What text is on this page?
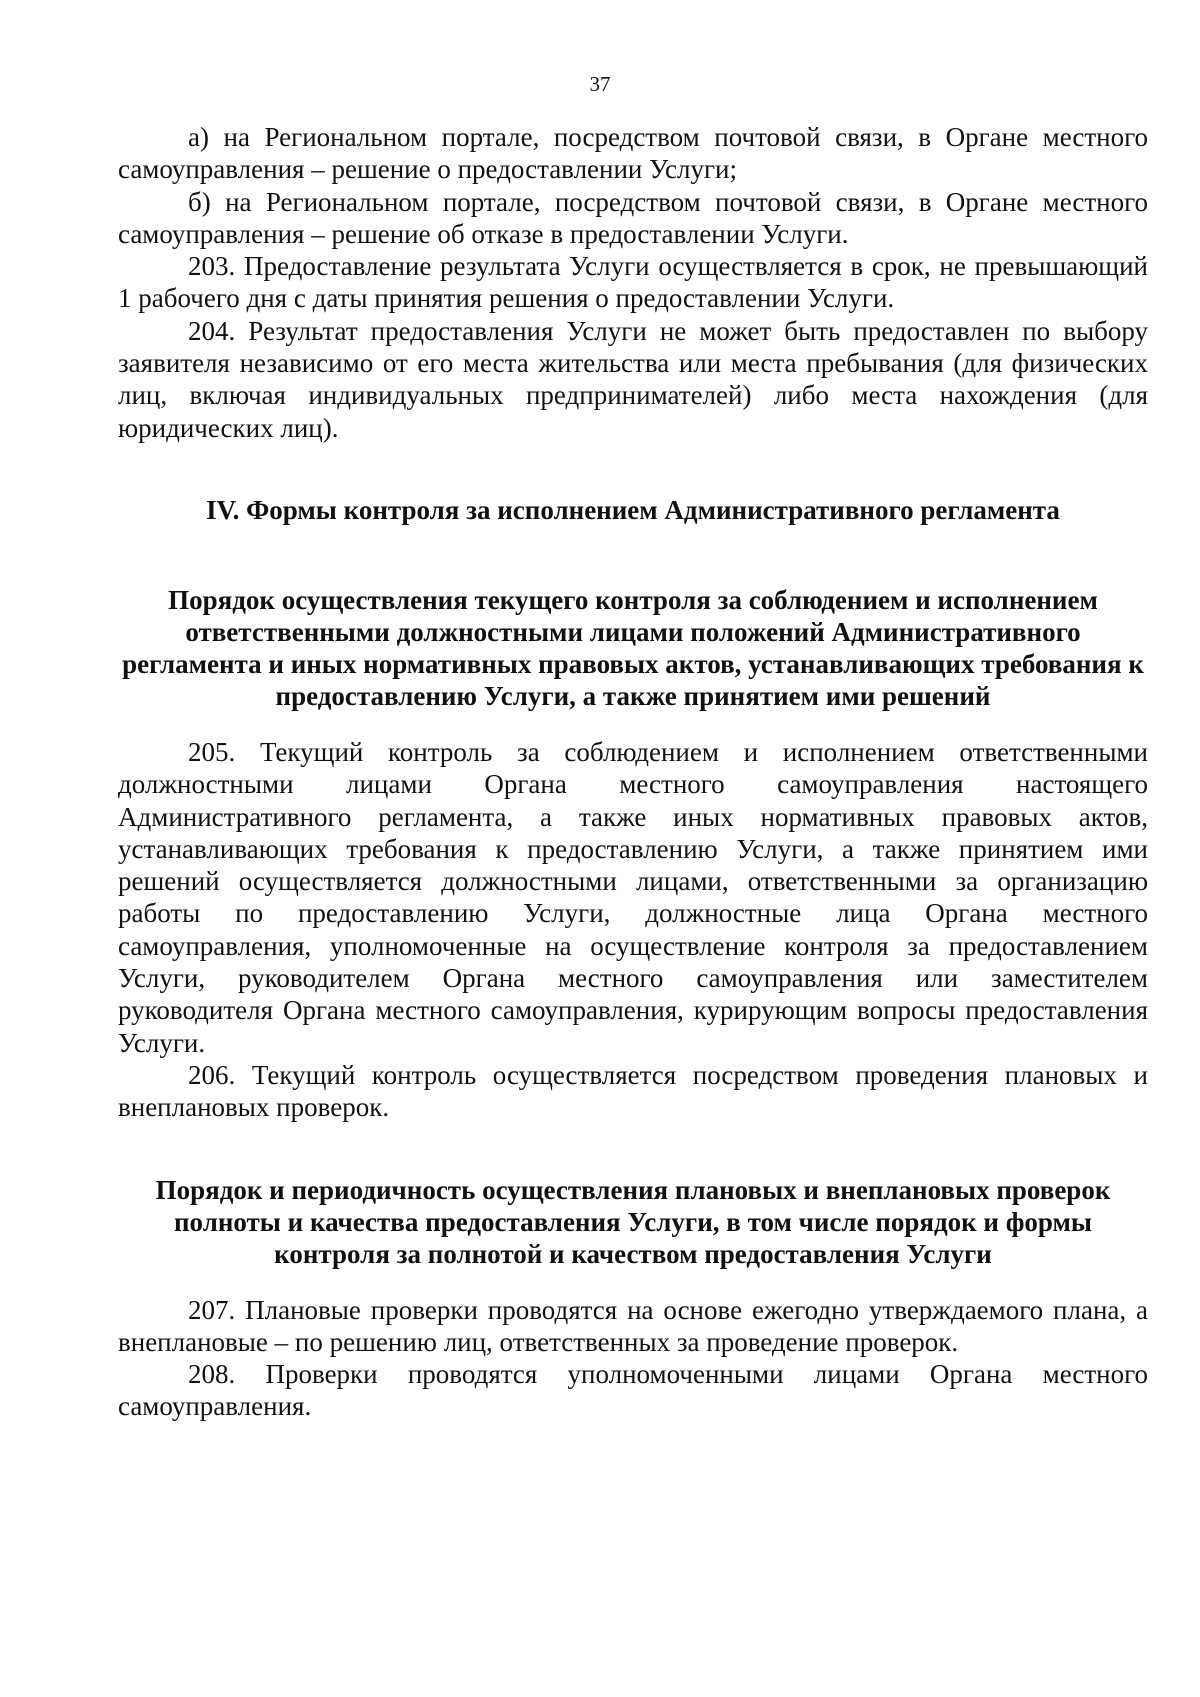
37

а) на Региональном портале, посредством почтовой связи, в Органе местного самоуправления – решение о предоставлении Услуги;

б) на Региональном портале, посредством почтовой связи, в Органе местного самоуправления – решение об отказе в предоставлении Услуги.

203. Предоставление результата Услуги осуществляется в срок, не превышающий 1 рабочего дня с даты принятия решения о предоставлении Услуги.

204. Результат предоставления Услуги не может быть предоставлен по выбору заявителя независимо от его места жительства или места пребывания (для физических лиц, включая индивидуальных предпринимателей) либо места нахождения (для юридических лиц).

IV. Формы контроля за исполнением Административного регламента
Порядок осуществления текущего контроля за соблюдением и исполнением ответственными должностными лицами положений Административного регламента и иных нормативных правовых актов, устанавливающих требования к предоставлению Услуги, а также принятием ими решений

205. Текущий контроль за соблюдением и исполнением ответственными должностными лицами Органа местного самоуправления настоящего Административного регламента, а также иных нормативных правовых актов, устанавливающих требования к предоставлению Услуги, а также принятием ими решений осуществляется должностными лицами, ответственными за организацию работы по предоставлению Услуги, должностные лица Органа местного самоуправления, уполномоченные на осуществление контроля за предоставлением Услуги, руководителем Органа местного самоуправления или заместителем руководителя Органа местного самоуправления, курирующим вопросы предоставления Услуги.

206. Текущий контроль осуществляется посредством проведения плановых и внеплановых проверок.

Порядок и периодичность осуществления плановых и внеплановых проверок полноты и качества предоставления Услуги, в том числе порядок и формы контроля за полнотой и качеством предоставления Услуги

207. Плановые проверки проводятся на основе ежегодно утверждаемого плана, а внеплановые – по решению лиц, ответственных за проведение проверок.

208. Проверки проводятся уполномоченными лицами Органа местного самоуправления.
